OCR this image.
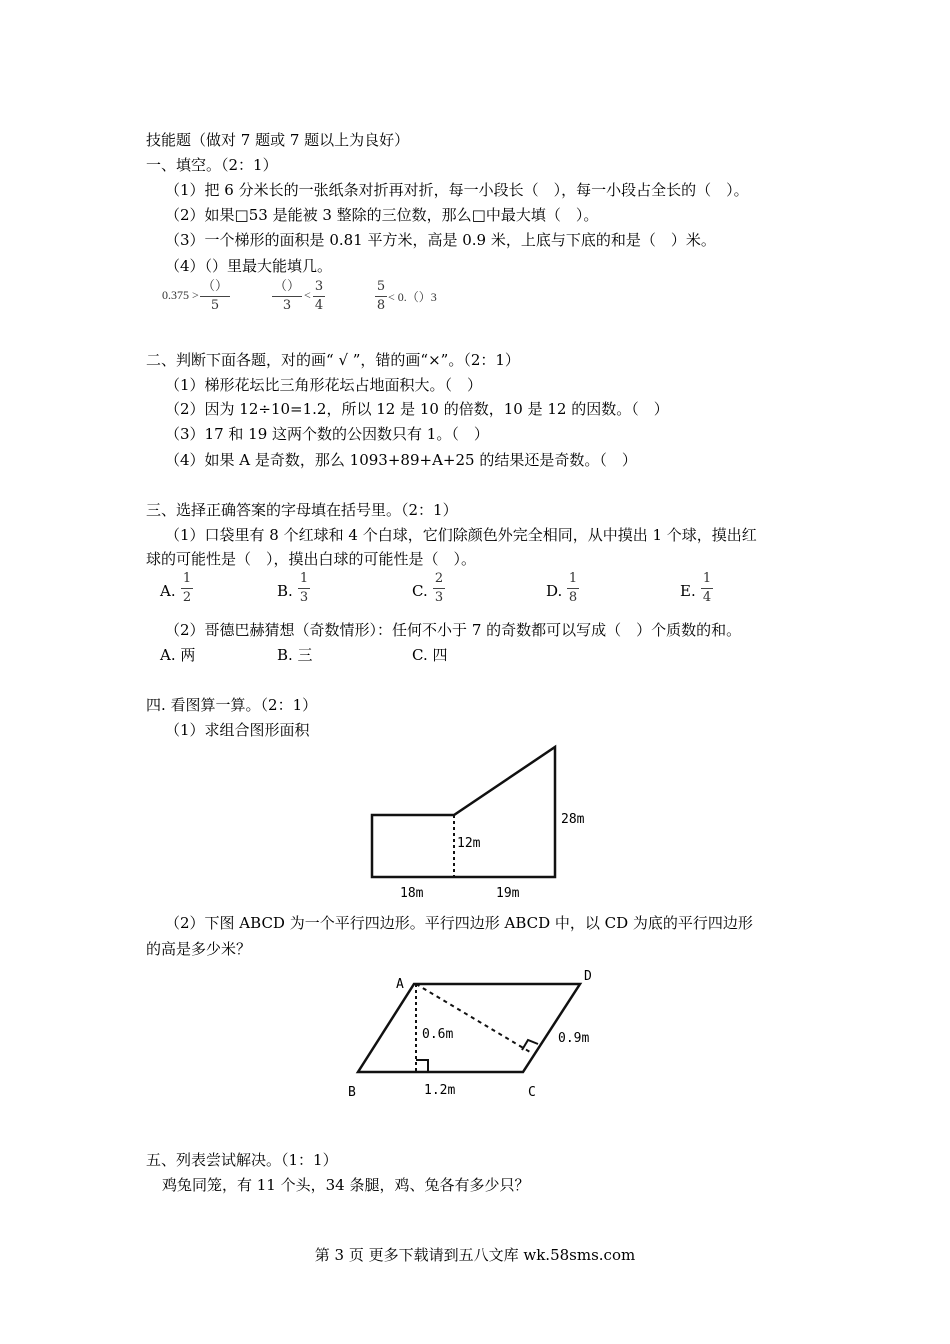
技能题（做对 7 题或 7 题以上为良好）
一、填空。（2：1）
（1）把 6 分米长的一张纸条对折再对折，每一小段长（　），每一小段占全长的（　）。
（2）如果□53 是能被 3 整除的三位数，那么□中最大填（　）。
（3）一个梯形的面积是 0.81 平方米，高是 0.9 米，上底与下底的和是（　）米。
（4）（）里最大能填几。
0.375 >
（）
5
（）
3
<
3
4
5
8
< 0.（）3
二、判断下面各题，对的画“ √ ”，错的画“×”。（2：1）
（1）梯形花坛比三角形花坛占地面积大。（　）
（2）因为 12÷10=1.2，所以 12 是 10 的倍数，10 是 12 的因数。（　）
（3）17 和 19 这两个数的公因数只有 1。（　）
（4）如果 A 是奇数，那么 1093+89+A+25 的结果还是奇数。（　）
三、选择正确答案的字母填在括号里。（2：1）
（1）口袋里有 8 个红球和 4 个白球，它们除颜色外完全相同，从中摸出 1 个球，摸出红
球的可能性是（　），摸出白球的可能性是（　）。
A.
1
2	B.
1
3	C.
2
3	D.
1
8	E.
1
4
（2）哥德巴赫猜想（奇数情形）：任何不小于 7 的奇数都可以写成（　）个质数的和。
A. 两	B. 三	C. 四
四. 看图算一算。（2：1）
（1）求组合图形面积
28m
12m
18m	19m
（2）下图 ABCD 为一个平行四边形。平行四边形 ABCD 中，以 CD 为底的平行四边形
的高是多少米？
A
D
B	C
0.6m
1.2m
0.9m
五、列表尝试解决。（1：1）
鸡兔同笼，有 11 个头，34 条腿，鸡、兔各有多少只？
第 3 页 更多下载请到五八文库 wk.58sms.com
